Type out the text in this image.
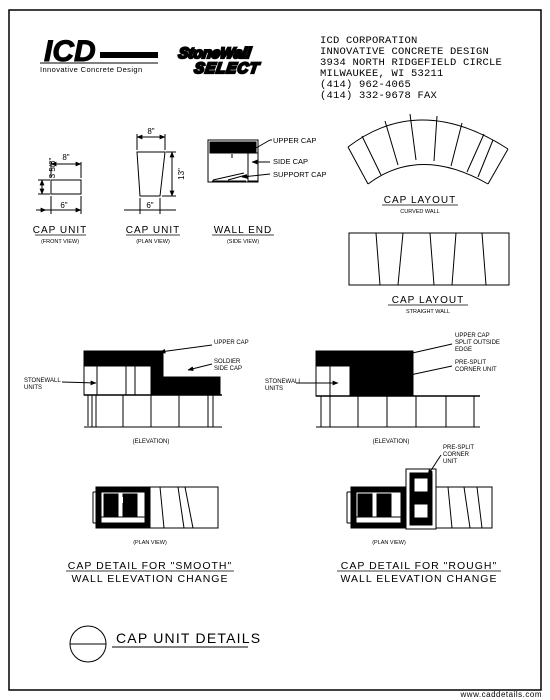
ICD	CORPORATION
Innovative Concrete Design
StoneWall
SELECT
ICD CORPORATION
INNOVATIVE CONCRETE DESIGN
3934 NORTH RIDGEFIELD CIRCLE
MILWAUKEE, WI 53211
(414) 962-4065
(414) 332-9678 FAX
8"
3 5/8"
6"
CAP UNIT
(FRONT VIEW)
8"
13"
6"
CAP UNIT
(PLAN VIEW)
UPPER CAP
SIDE CAP
SUPPORT CAP
WALL END
(SIDE VIEW)
CAP LAYOUT
CURVED WALL
CAP LAYOUT
STRAIGHT WALL
UPPER CAP
SOLDIER
SIDE CAP
STONEWALL
UNITS
(ELEVATION)
UPPER CAP
SPLIT OUTSIDE
EDGE
PRE-SPLIT
CORNER UNIT
STONEWALL
UNITS
(ELEVATION)
(PLAN VIEW)
CAP DETAIL FOR "SMOOTH"
WALL ELEVATION CHANGE
PRE-SPLIT
CORNER
UNIT
(PLAN VIEW)
CAP DETAIL FOR "ROUGH"
WALL ELEVATION CHANGE
CAP UNIT DETAILS
www.caddetails.com
